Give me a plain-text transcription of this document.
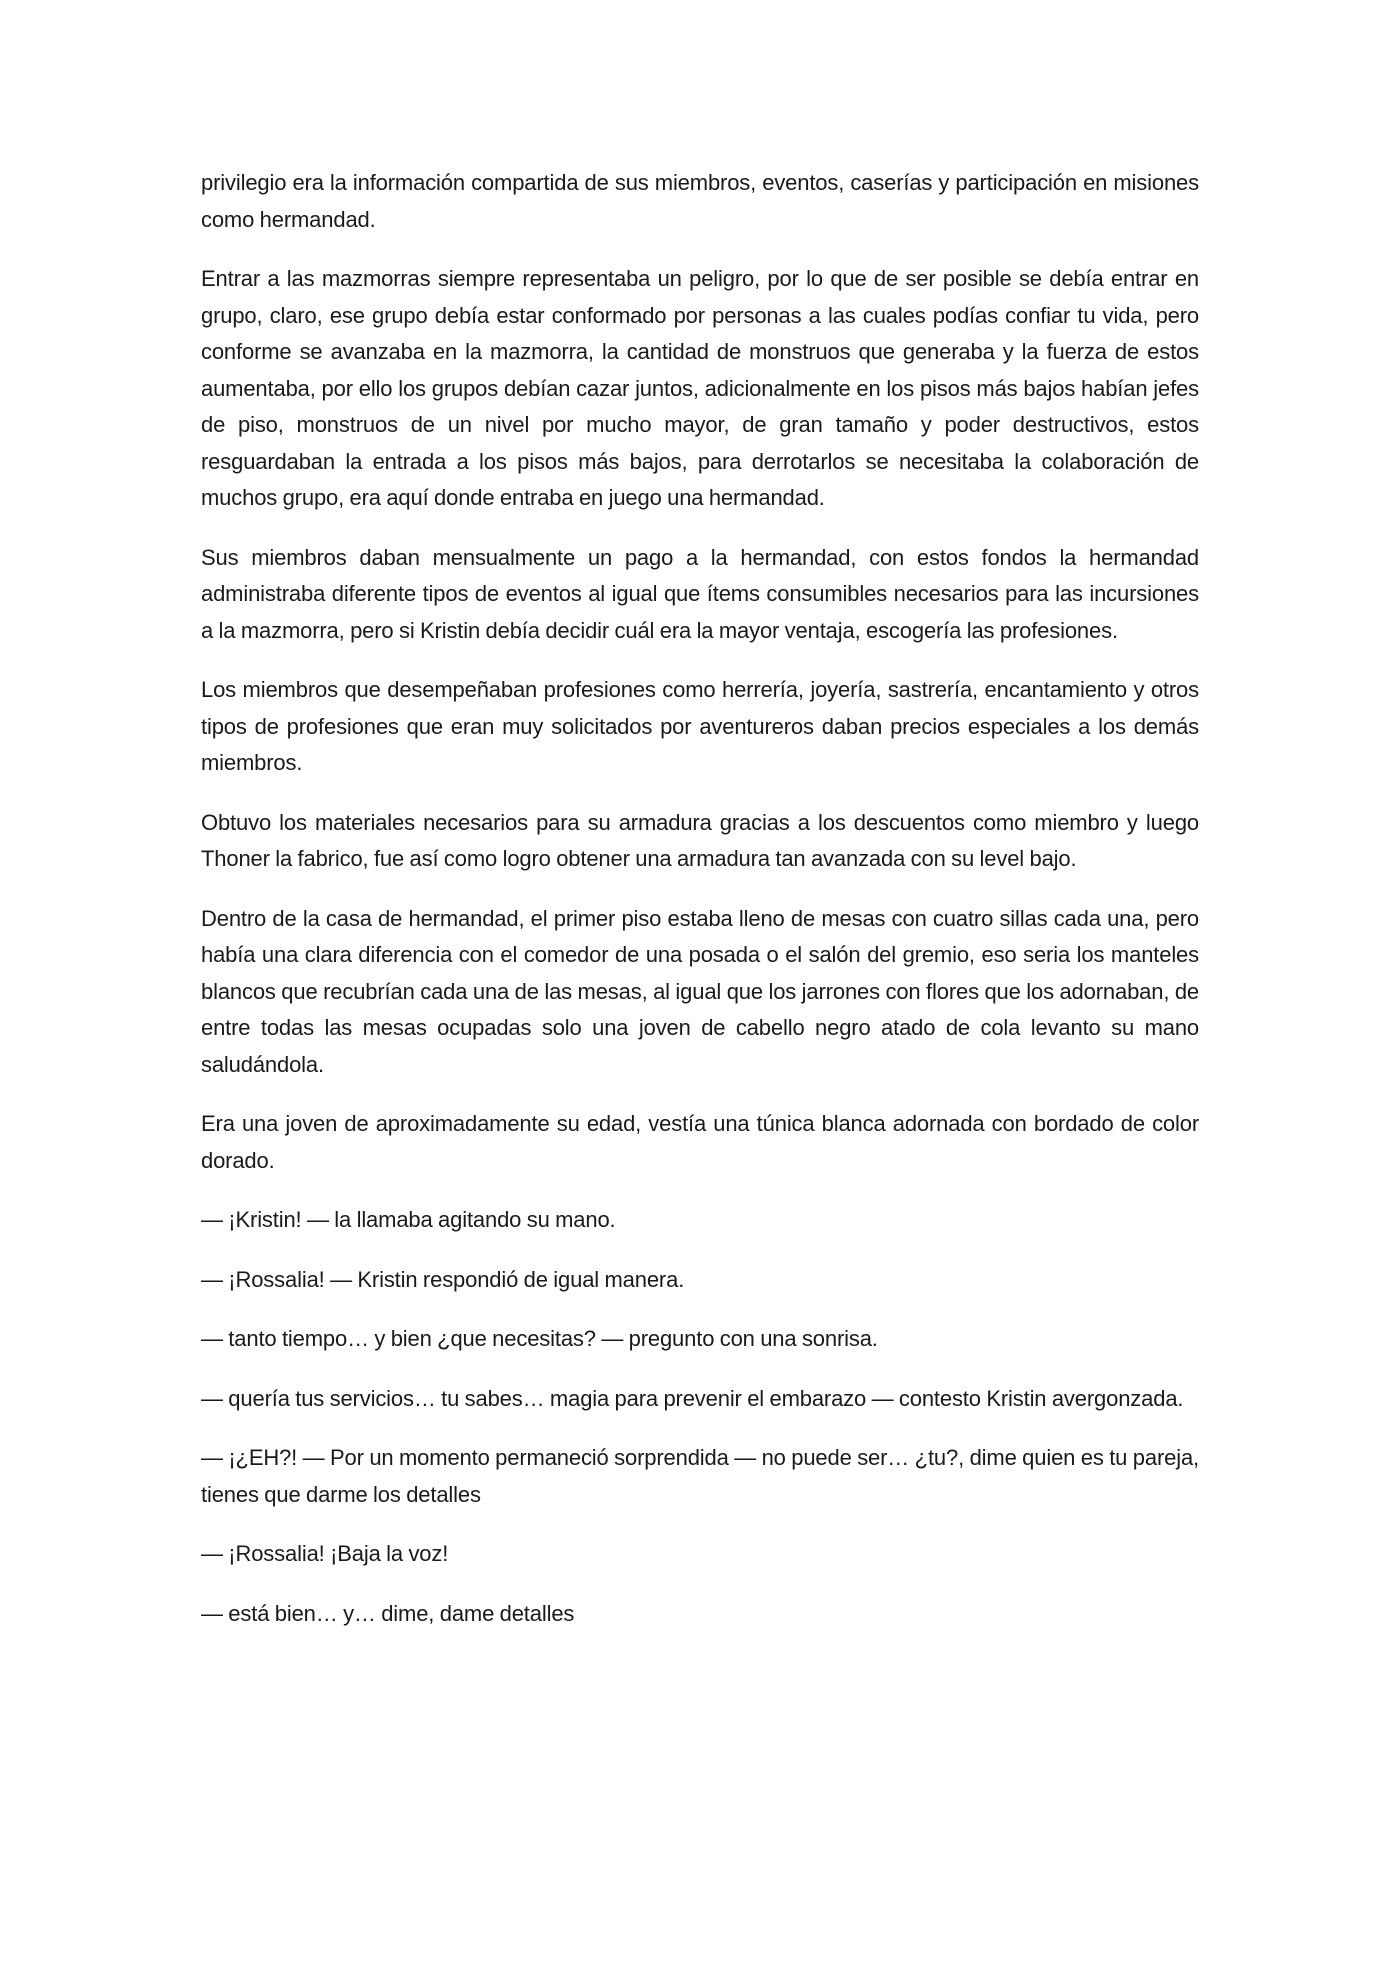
privilegio era la información compartida de sus miembros, eventos, caserías y participación en misiones como hermandad.

Entrar a las mazmorras siempre representaba un peligro, por lo que de ser posible se debía entrar en grupo, claro, ese grupo debía estar conformado por personas a las cuales podías confiar tu vida, pero conforme se avanzaba en la mazmorra, la cantidad de monstruos que generaba y la fuerza de estos aumentaba, por ello los grupos debían cazar juntos, adicionalmente en los pisos más bajos habían jefes de piso, monstruos de un nivel por mucho mayor, de gran tamaño y poder destructivos, estos resguardaban la entrada a los pisos más bajos, para derrotarlos se necesitaba la colaboración de muchos grupo, era aquí donde entraba en juego una hermandad.

Sus miembros daban mensualmente un pago a la hermandad, con estos fondos la hermandad administraba diferente tipos de eventos al igual que ítems consumibles necesarios para las incursiones a la mazmorra, pero si Kristin debía decidir cuál era la mayor ventaja, escogería las profesiones.

Los miembros que desempeñaban profesiones como herrería, joyería, sastrería, encantamiento y otros tipos de profesiones que eran muy solicitados por aventureros daban precios especiales a los demás miembros.

Obtuvo los materiales necesarios para su armadura gracias a los descuentos como miembro y luego Thoner la fabrico, fue así como logro obtener una armadura tan avanzada con su level bajo.

Dentro de la casa de hermandad, el primer piso estaba lleno de mesas con cuatro sillas cada una, pero había una clara diferencia con el comedor de una posada o el salón del gremio, eso seria los manteles blancos que recubrían cada una de las mesas, al igual que los jarrones con flores que los adornaban, de entre todas las mesas ocupadas solo una joven de cabello negro atado de cola levanto su mano saludándola.

Era una joven de aproximadamente su edad, vestía una túnica blanca adornada con bordado de color dorado.

— ¡Kristin! — la llamaba agitando su mano.

— ¡Rossalia! — Kristin respondió de igual manera.

— tanto tiempo… y bien ¿que necesitas? — pregunto con una sonrisa.

— quería tus servicios… tu sabes… magia para prevenir el embarazo — contesto Kristin avergonzada.

— ¡¿EH?! — Por un momento permaneció sorprendida — no puede ser… ¿tu?, dime quien es tu pareja, tienes que darme los detalles

— ¡Rossalia! ¡Baja la voz!

— está bien… y… dime, dame detalles
